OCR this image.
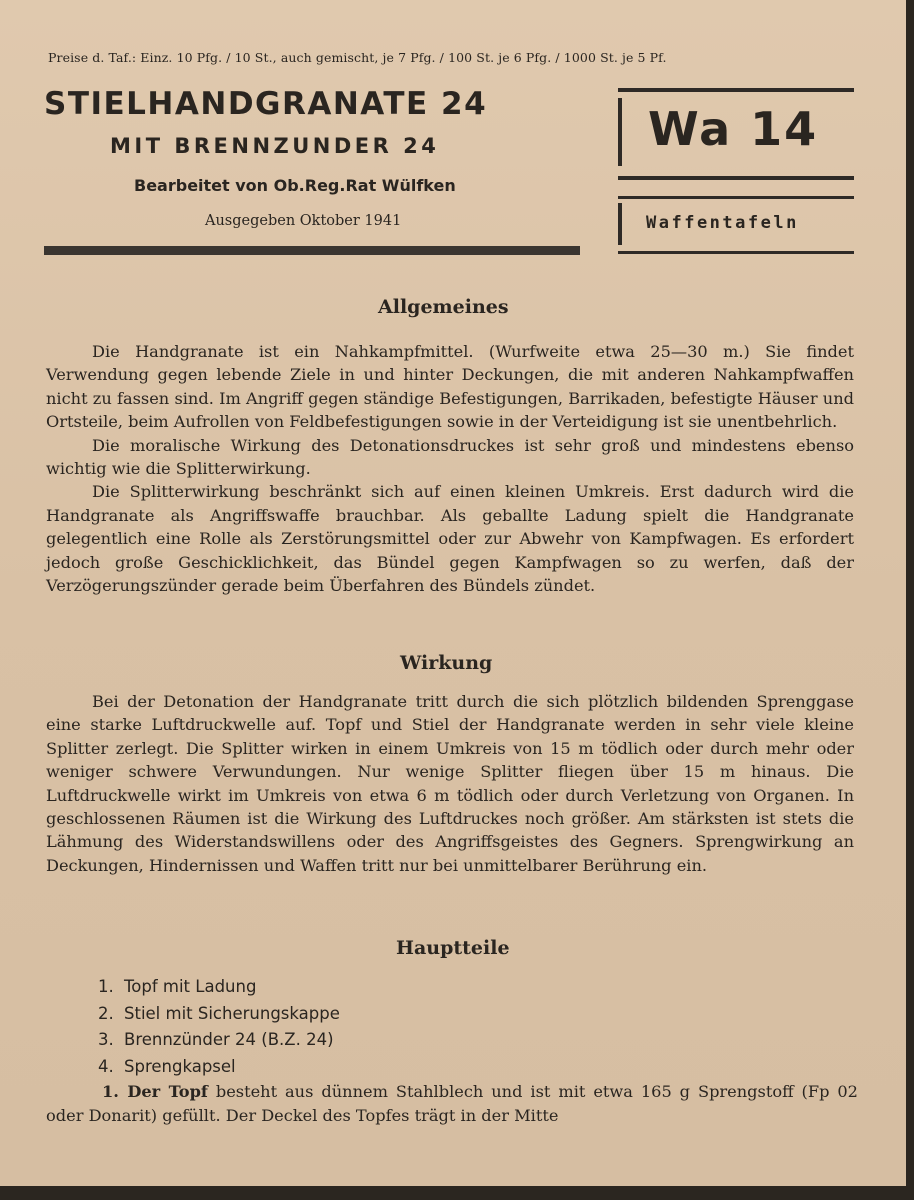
Preise d. Taf.: Einz. 10 Pfg. / 10 St., auch gemischt, je 7 Pfg. / 100 St. je 6 Pfg. / 1000 St. je 5 Pf.
STIELHANDGRANATE 24
MIT BRENNZUNDER 24
Bearbeitet von Ob.Reg.Rat Wülfken
Ausgegeben Oktober 1941
Wa 14
Waffentafeln
Allgemeines

Die Handgranate ist ein Nahkampfmittel. (Wurfweite etwa 25—30 m.) Sie findet Verwendung gegen lebende Ziele in und hinter Deckungen, die mit anderen Nahkampfwaffen nicht zu fassen sind. Im Angriff gegen ständige Befestigungen, Barrikaden, befestigte Häuser und Ortsteile, beim Aufrollen von Feldbefestigungen sowie in der Verteidigung ist sie unentbehrlich.

Die moralische Wirkung des Detonationsdruckes ist sehr groß und mindestens ebenso wichtig wie die Splitterwirkung.

Die Splitterwirkung beschränkt sich auf einen kleinen Umkreis. Erst dadurch wird die Handgranate als Angriffswaffe brauchbar. Als geballte Ladung spielt die Handgranate gelegentlich eine Rolle als Zerstörungsmittel oder zur Abwehr von Kampfwagen. Es erfordert jedoch große Geschicklichkeit, das Bündel gegen Kampfwagen so zu werfen, daß der Verzögerungszünder gerade beim Überfahren des Bündels zündet.

Wirkung

Bei der Detonation der Handgranate tritt durch die sich plötzlich bildenden Sprenggase eine starke Luftdruckwelle auf. Topf und Stiel der Handgranate werden in sehr viele kleine Splitter zerlegt. Die Splitter wirken in einem Umkreis von 15 m tödlich oder durch mehr oder weniger schwere Verwundungen. Nur wenige Splitter fliegen über 15 m hinaus. Die Luftdruckwelle wirkt im Umkreis von etwa 6 m tödlich oder durch Verletzung von Organen. In geschlossenen Räumen ist die Wirkung des Luftdruckes noch größer. Am stärksten ist stets die Lähmung des Widerstandswillens oder des Angriffsgeistes des Gegners. Sprengwirkung an Deckungen, Hindernissen und Waffen tritt nur bei unmittelbarer Berührung ein.

Hauptteile
1. Topf mit Ladung
2. Stiel mit Sicherungskappe
3. Brennzünder 24 (B.Z. 24)
4. Sprengkapsel

1. Der Topf besteht aus dünnem Stahlblech und ist mit etwa 165 g Sprengstoff (Fp 02 oder Donarit) gefüllt. Der Deckel des Topfes trägt in der Mitte
